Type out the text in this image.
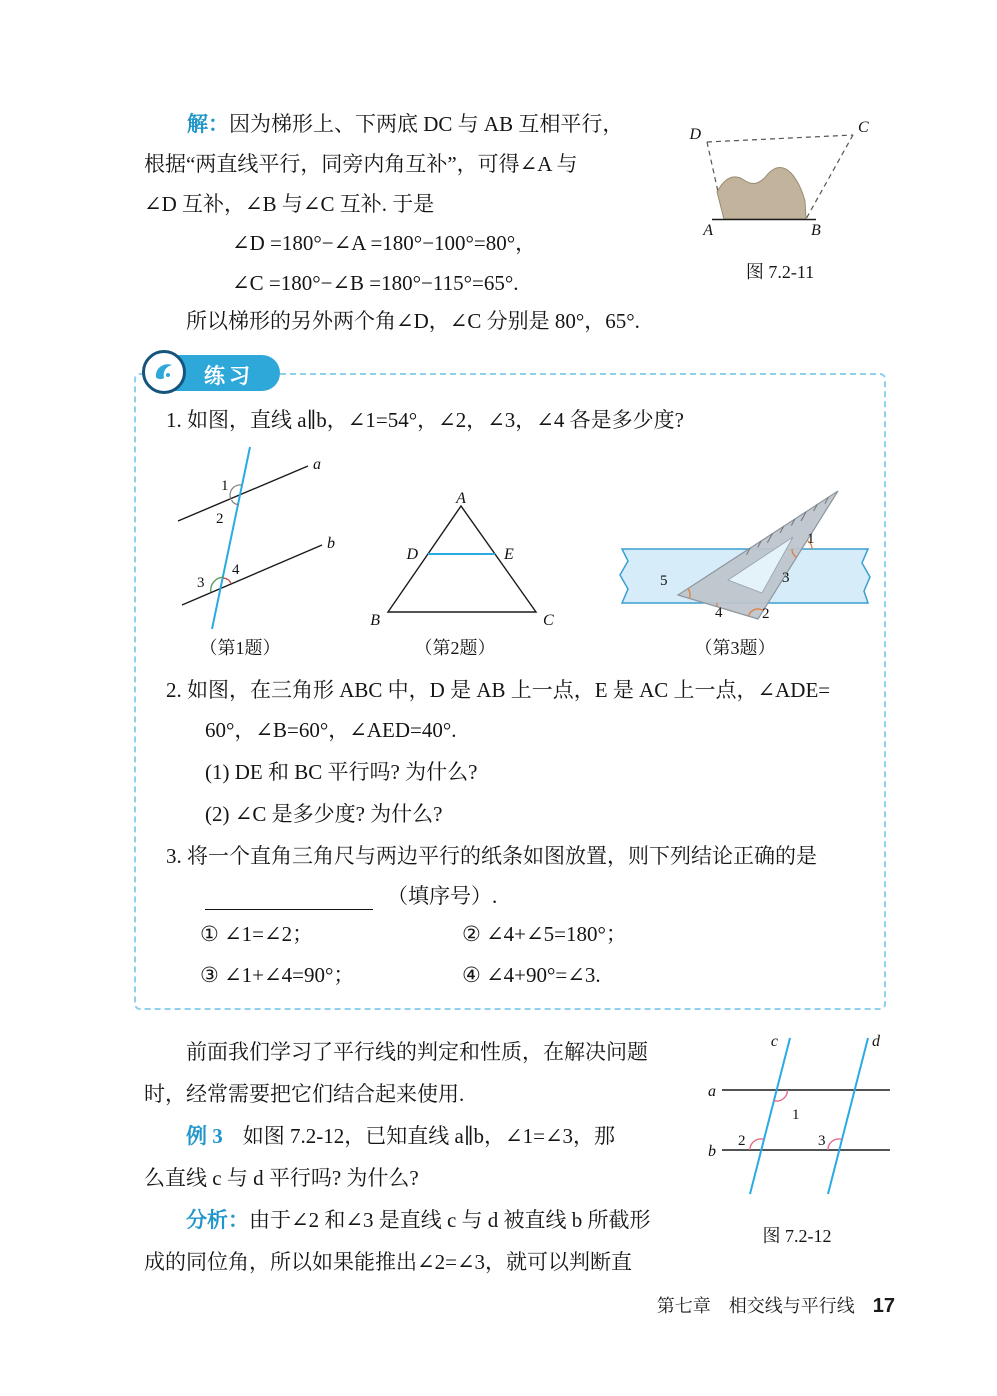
解：因为梯形上、下两底 DC 与 AB 互相平行，
根据“两直线平行，同旁内角互补”，可得∠A 与
∠D 互补，∠B 与∠C 互补. 于是
∠D =180°−∠A =180°−100°=80°，
∠C =180°−∠B =180°−115°=65°.
所以梯形的另外两个角∠D，∠C 分别是 80°，65°.
D	C
A	B
图 7.2-11
练习
1. 如图，直线 a∥b，∠1=54°，∠2，∠3，∠4 各是多少度?
a
b
1
2
3
4
A
D	E
B	C
5	3
1
4	2
（第1题）	（第2题）	（第3题）
2. 如图，在三角形 ABC 中，D 是 AB 上一点，E 是 AC 上一点，∠ADE=
60°，∠B=60°，∠AED=40°.
(1) DE 和 BC 平行吗? 为什么?
(2) ∠C 是多少度? 为什么?
3. 将一个直角三角尺与两边平行的纸条如图放置，则下列结论正确的是
（填序号）.
① ∠1=∠2；	② ∠4+∠5=180°；
③ ∠1+∠4=90°；	④ ∠4+90°=∠3.
前面我们学习了平行线的判定和性质，在解决问题
时，经常需要把它们结合起来使用.
例 3 如图 7.2-12，已知直线 a∥b，∠1=∠3，那
么直线 c 与 d 平行吗? 为什么?
分析：由于∠2 和∠3 是直线 c 与 d 被直线 b 所截形
成的同位角，所以如果能推出∠2=∠3，就可以判断直
a
b
c	d
1
2	3
图 7.2-12
第七章　相交线与平行线 17
